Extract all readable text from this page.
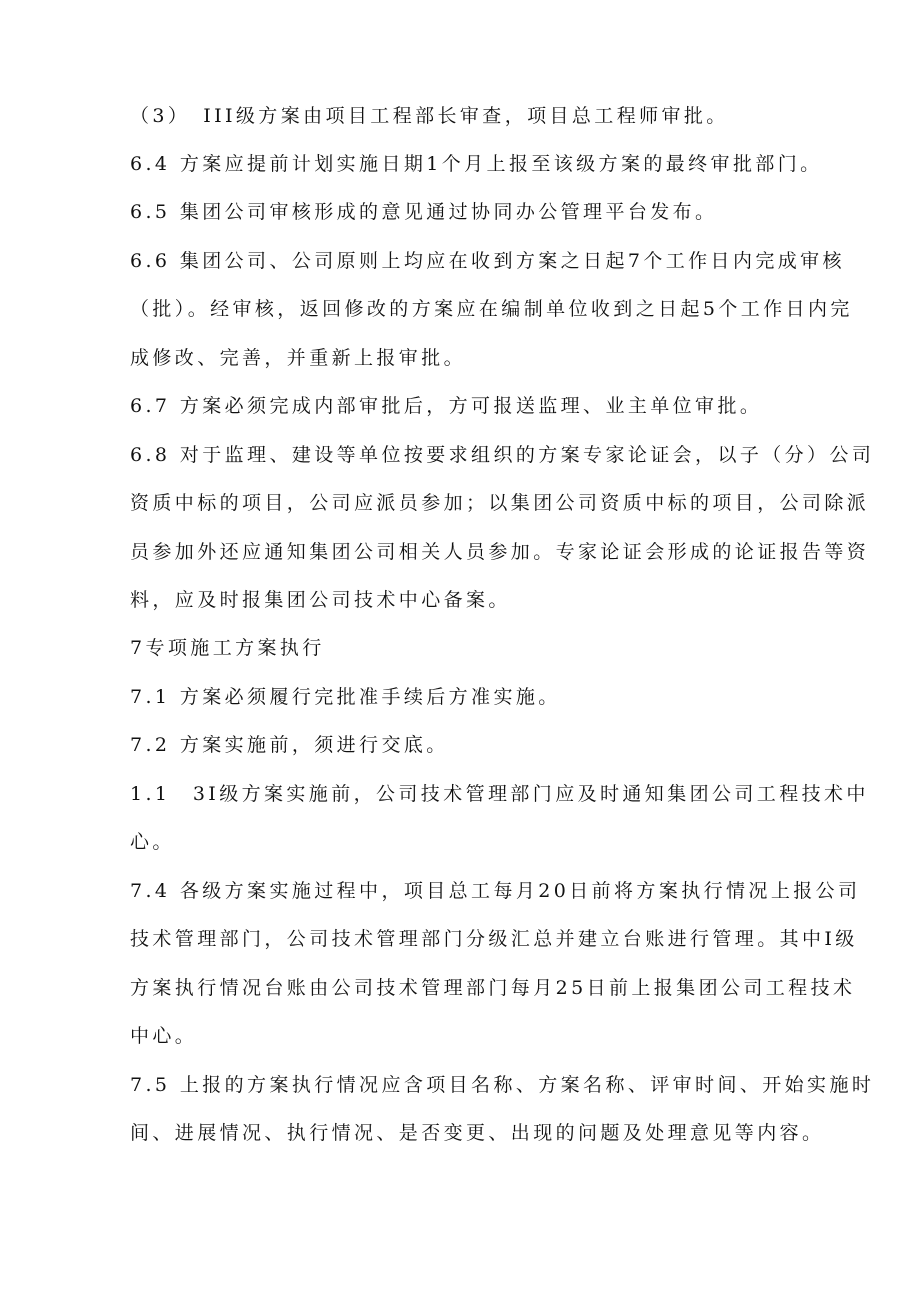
（3）　III级方案由项目工程部长审查，项目总工程师审批。
6.4 方案应提前计划实施日期1个月上报至该级方案的最终审批部门。
6.5 集团公司审核形成的意见通过协同办公管理平台发布。
6.6 集团公司、公司原则上均应在收到方案之日起7个工作日内完成审核
（批）。经审核，返回修改的方案应在编制单位收到之日起5个工作日内完
成修改、完善，并重新上报审批。
6.7 方案必须完成内部审批后，方可报送监理、业主单位审批。
6.8 对于监理、建设等单位按要求组织的方案专家论证会，以子（分）公司
资质中标的项目，公司应派员参加；以集团公司资质中标的项目，公司除派
员参加外还应通知集团公司相关人员参加。专家论证会形成的论证报告等资
料，应及时报集团公司技术中心备案。
7专项施工方案执行
7.1 方案必须履行完批准手续后方准实施。
7.2 方案实施前，须进行交底。
1.1　3I级方案实施前，公司技术管理部门应及时通知集团公司工程技术中
心。
7.4 各级方案实施过程中，项目总工每月20日前将方案执行情况上报公司
技术管理部门，公司技术管理部门分级汇总并建立台账进行管理。其中I级
方案执行情况台账由公司技术管理部门每月25日前上报集团公司工程技术
中心。
7.5 上报的方案执行情况应含项目名称、方案名称、评审时间、开始实施时
间、进展情况、执行情况、是否变更、出现的问题及处理意见等内容。
